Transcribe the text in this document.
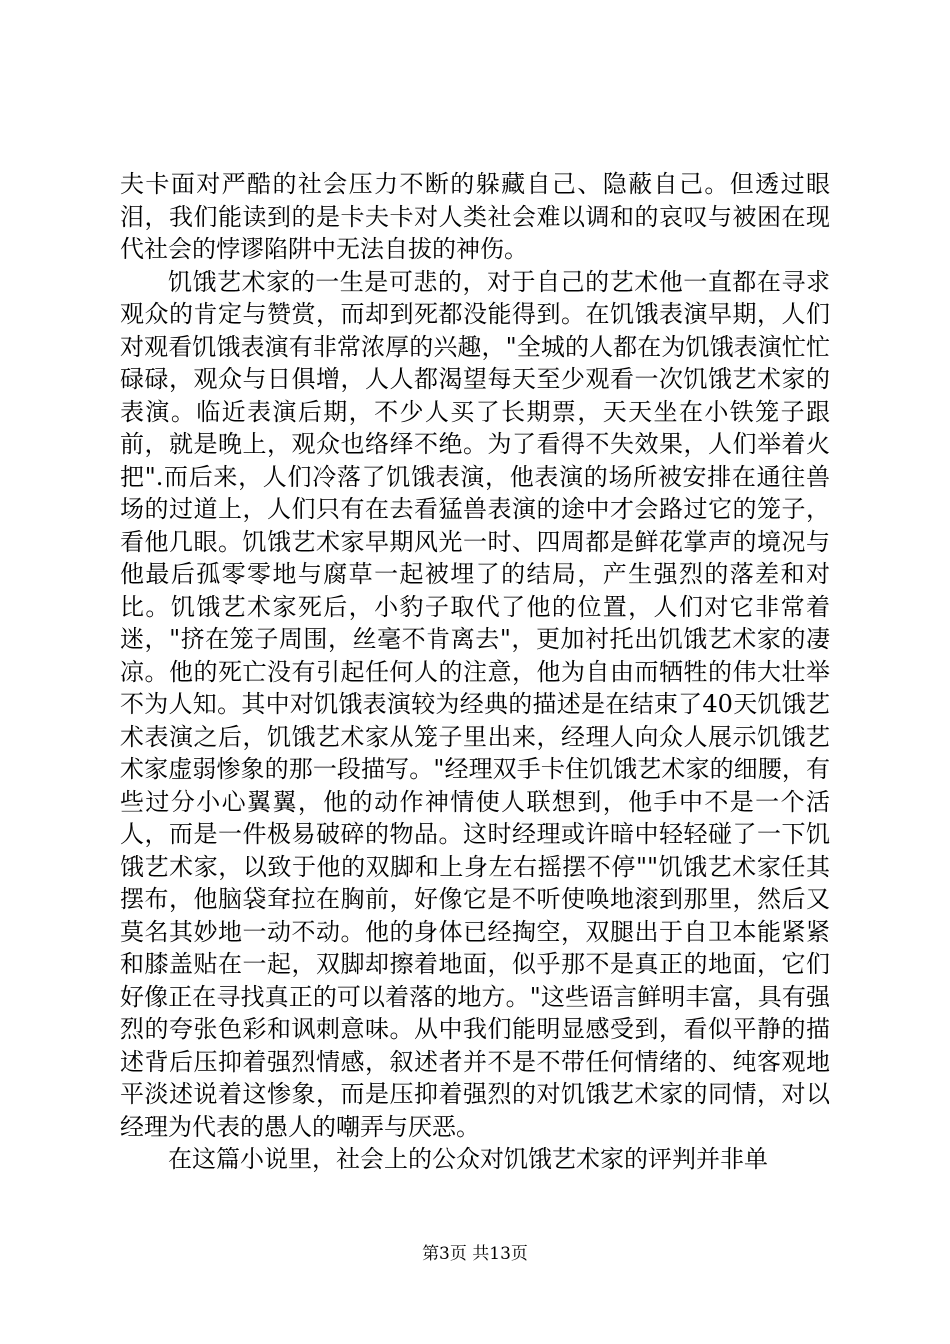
夫卡面对严酷的社会压力不断的躲藏自己、隐蔽自己。但透过眼泪，我们能读到的是卡夫卡对人类社会难以调和的哀叹与被困在现代社会的悖谬陷阱中无法自拔的神伤。

饥饿艺术家的一生是可悲的，对于自己的艺术他一直都在寻求观众的肯定与赞赏，而却到死都没能得到。在饥饿表演早期，人们对观看饥饿表演有非常浓厚的兴趣，"全城的人都在为饥饿表演忙忙碌碌，观众与日俱增，人人都渴望每天至少观看一次饥饿艺术家的表演。临近表演后期，不少人买了长期票，天天坐在小铁笼子跟前，就是晚上，观众也络绎不绝。为了看得不失效果，人们举着火把".而后来，人们冷落了饥饿表演，他表演的场所被安排在通往兽场的过道上，人们只有在去看猛兽表演的途中才会路过它的笼子，看他几眼。饥饿艺术家早期风光一时、四周都是鲜花掌声的境况与他最后孤零零地与腐草一起被埋了的结局，产生强烈的落差和对比。饥饿艺术家死后，小豹子取代了他的位置，人们对它非常着迷，"挤在笼子周围，丝毫不肯离去"，更加衬托出饥饿艺术家的凄凉。他的死亡没有引起任何人的注意，他为自由而牺牲的伟大壮举不为人知。其中对饥饿表演较为经典的描述是在结束了40天饥饿艺术表演之后，饥饿艺术家从笼子里出来，经理人向众人展示饥饿艺术家虚弱惨象的那一段描写。"经理双手卡住饥饿艺术家的细腰，有些过分小心翼翼，他的动作神情使人联想到，他手中不是一个活人，而是一件极易破碎的物品。这时经理或许暗中轻轻碰了一下饥饿艺术家，以致于他的双脚和上身左右摇摆不停""饥饿艺术家任其摆布，他脑袋耷拉在胸前，好像它是不听使唤地滚到那里，然后又莫名其妙地一动不动。他的身体已经掏空，双腿出于自卫本能紧紧和膝盖贴在一起，双脚却擦着地面，似乎那不是真正的地面，它们好像正在寻找真正的可以着落的地方。"这些语言鲜明丰富，具有强烈的夸张色彩和讽刺意味。从中我们能明显感受到，看似平静的描述背后压抑着强烈情感，叙述者并不是不带任何情绪的、纯客观地平淡述说着这惨象，而是压抑着强烈的对饥饿艺术家的同情，对以经理为代表的愚人的嘲弄与厌恶。

在这篇小说里，社会上的公众对饥饿艺术家的评判并非单

第3页 共13页
